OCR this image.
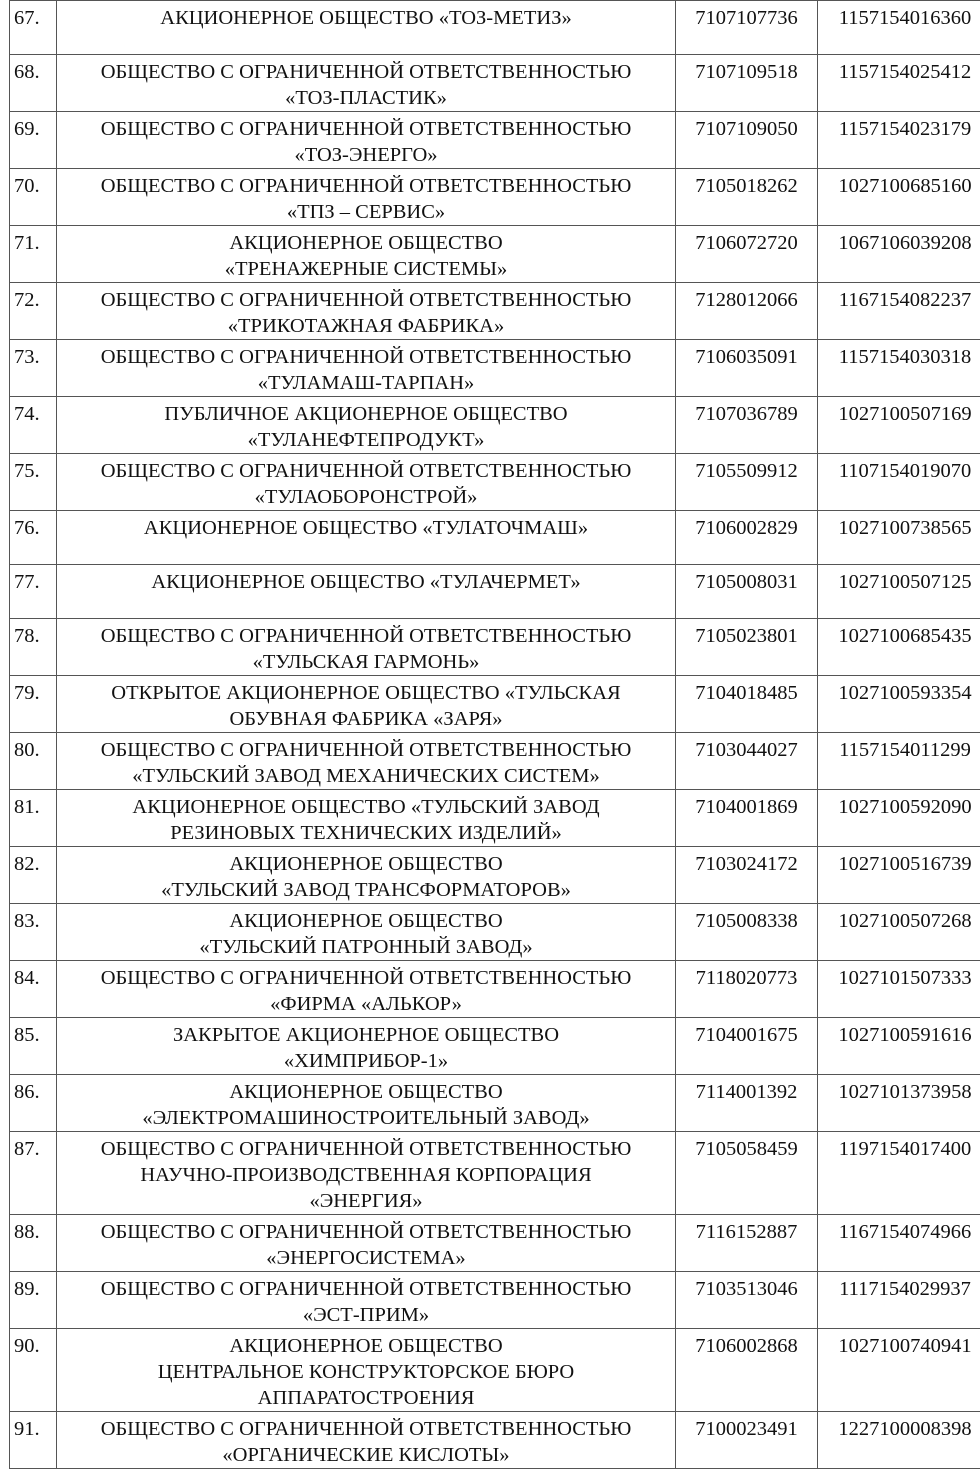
67.	АКЦИОНЕРНОЕ ОБЩЕСТВО «ТОЗ-МЕТИЗ»	7107107736	1157154016360
68.	ОБЩЕСТВО С ОГРАНИЧЕННОЙ ОТВЕТСТВЕННОСТЬЮ
«ТОЗ-ПЛАСТИК»	7107109518	1157154025412
69.	ОБЩЕСТВО С ОГРАНИЧЕННОЙ ОТВЕТСТВЕННОСТЬЮ
«ТОЗ-ЭНЕРГО»	7107109050	1157154023179
70.	ОБЩЕСТВО С ОГРАНИЧЕННОЙ ОТВЕТСТВЕННОСТЬЮ
«ТПЗ – СЕРВИС»	7105018262	1027100685160
71.	АКЦИОНЕРНОЕ ОБЩЕСТВО
«ТРЕНАЖЕРНЫЕ СИСТЕМЫ»	7106072720	1067106039208
72.	ОБЩЕСТВО С ОГРАНИЧЕННОЙ ОТВЕТСТВЕННОСТЬЮ
«ТРИКОТАЖНАЯ ФАБРИКА»	7128012066	1167154082237
73.	ОБЩЕСТВО С ОГРАНИЧЕННОЙ ОТВЕТСТВЕННОСТЬЮ
«ТУЛАМАШ-ТАРПАН»	7106035091	1157154030318
74.	ПУБЛИЧНОЕ АКЦИОНЕРНОЕ ОБЩЕСТВО
«ТУЛАНЕФТЕПРОДУКТ»	7107036789	1027100507169
75.	ОБЩЕСТВО С ОГРАНИЧЕННОЙ ОТВЕТСТВЕННОСТЬЮ
«ТУЛАОБОРОНСТРОЙ»	7105509912	1107154019070
76.	АКЦИОНЕРНОЕ ОБЩЕСТВО «ТУЛАТОЧМАШ»	7106002829	1027100738565
77.	АКЦИОНЕРНОЕ ОБЩЕСТВО «ТУЛАЧЕРМЕТ»	7105008031	1027100507125
78.	ОБЩЕСТВО С ОГРАНИЧЕННОЙ ОТВЕТСТВЕННОСТЬЮ
«ТУЛЬСКАЯ ГАРМОНЬ»	7105023801	1027100685435
79.	ОТКРЫТОЕ АКЦИОНЕРНОЕ ОБЩЕСТВО «ТУЛЬСКАЯ
ОБУВНАЯ ФАБРИКА «ЗАРЯ»	7104018485	1027100593354
80.	ОБЩЕСТВО С ОГРАНИЧЕННОЙ ОТВЕТСТВЕННОСТЬЮ
«ТУЛЬСКИЙ ЗАВОД МЕХАНИЧЕСКИХ СИСТЕМ»	7103044027	1157154011299
81.	АКЦИОНЕРНОЕ ОБЩЕСТВО «ТУЛЬСКИЙ ЗАВОД
РЕЗИНОВЫХ ТЕХНИЧЕСКИХ ИЗДЕЛИЙ»	7104001869	1027100592090
82.	АКЦИОНЕРНОЕ ОБЩЕСТВО
«ТУЛЬСКИЙ ЗАВОД ТРАНСФОРМАТОРОВ»	7103024172	1027100516739
83.	АКЦИОНЕРНОЕ ОБЩЕСТВО
«ТУЛЬСКИЙ ПАТРОННЫЙ ЗАВОД»	7105008338	1027100507268
84.	ОБЩЕСТВО С ОГРАНИЧЕННОЙ ОТВЕТСТВЕННОСТЬЮ
«ФИРМА «АЛЬКОР»	7118020773	1027101507333
85.	ЗАКРЫТОЕ АКЦИОНЕРНОЕ ОБЩЕСТВО
«ХИМПРИБОР-1»	7104001675	1027100591616
86.	АКЦИОНЕРНОЕ ОБЩЕСТВО
«ЭЛЕКТРОМАШИНОСТРОИТЕЛЬНЫЙ ЗАВОД»	7114001392	1027101373958
87.	ОБЩЕСТВО С ОГРАНИЧЕННОЙ ОТВЕТСТВЕННОСТЬЮ
НАУЧНО-ПРОИЗВОДСТВЕННАЯ КОРПОРАЦИЯ
«ЭНЕРГИЯ»	7105058459	1197154017400
88.	ОБЩЕСТВО С ОГРАНИЧЕННОЙ ОТВЕТСТВЕННОСТЬЮ
«ЭНЕРГОСИСТЕМА»	7116152887	1167154074966
89.	ОБЩЕСТВО С ОГРАНИЧЕННОЙ ОТВЕТСТВЕННОСТЬЮ
«ЭСТ-ПРИМ»	7103513046	1117154029937
90.	АКЦИОНЕРНОЕ ОБЩЕСТВО
ЦЕНТРАЛЬНОЕ КОНСТРУКТОРСКОЕ БЮРО
АППАРАТОСТРОЕНИЯ	7106002868	1027100740941
91.	ОБЩЕСТВО С ОГРАНИЧЕННОЙ ОТВЕТСТВЕННОСТЬЮ
«ОРГАНИЧЕСКИЕ КИСЛОТЫ»	7100023491	1227100008398
